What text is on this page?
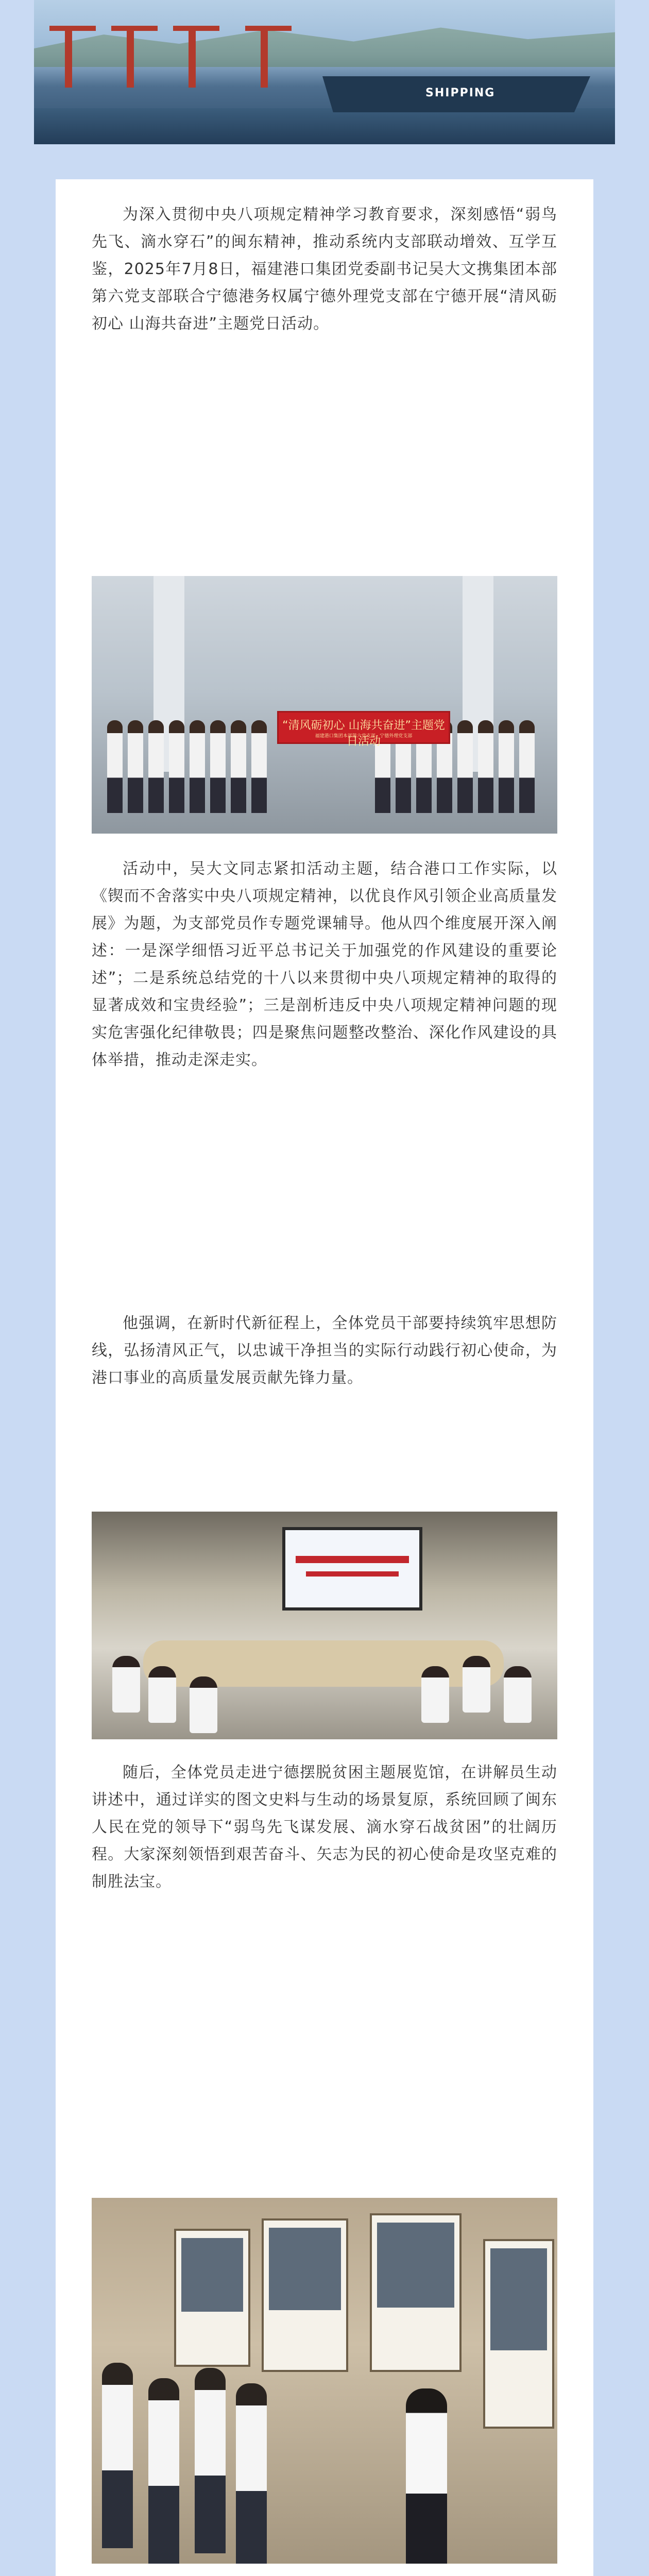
SHIPPING

为深入贯彻中央八项规定精神学习教育要求，深刻感悟“弱鸟先飞、滴水穿石”的闽东精神，推动系统内支部联动增效、互学互鉴，2025年7月8日，福建港口集团党委副书记吴大文携集团本部第六党支部联合宁德港务权属宁德外理党支部在宁德开展“清风砺初心 山海共奋进”主题党日活动。

“清风砺初心 山海共奋进”主题党日活动
福建港口集团本部第六党支部 · 宁德外理党支部

活动中，吴大文同志紧扣活动主题，结合港口工作实际，以《锲而不舍落实中央八项规定精神，以优良作风引领企业高质量发展》为题，为支部党员作专题党课辅导。他从四个维度展开深入阐述：一是深学细悟习近平总书记关于加强党的作风建设的重要论述”；二是系统总结党的十八以来贯彻中央八项规定精神的取得的显著成效和宝贵经验”；三是剖析违反中央八项规定精神问题的现实危害强化纪律敬畏；四是聚焦问题整改整治、深化作风建设的具体举措，推动走深走实。

他强调，在新时代新征程上，全体党员干部要持续筑牢思想防线，弘扬清风正气，以忠诚干净担当的实际行动践行初心使命，为港口事业的高质量发展贡献先锋力量。

随后，全体党员走进宁德摆脱贫困主题展览馆，在讲解员生动讲述中，通过详实的图文史料与生动的场景复原，系统回顾了闽东人民在党的领导下“弱鸟先飞谋发展、滴水穿石战贫困”的壮阔历程。大家深刻领悟到艰苦奋斗、矢志为民的初心使命是攻坚克难的制胜法宝。
